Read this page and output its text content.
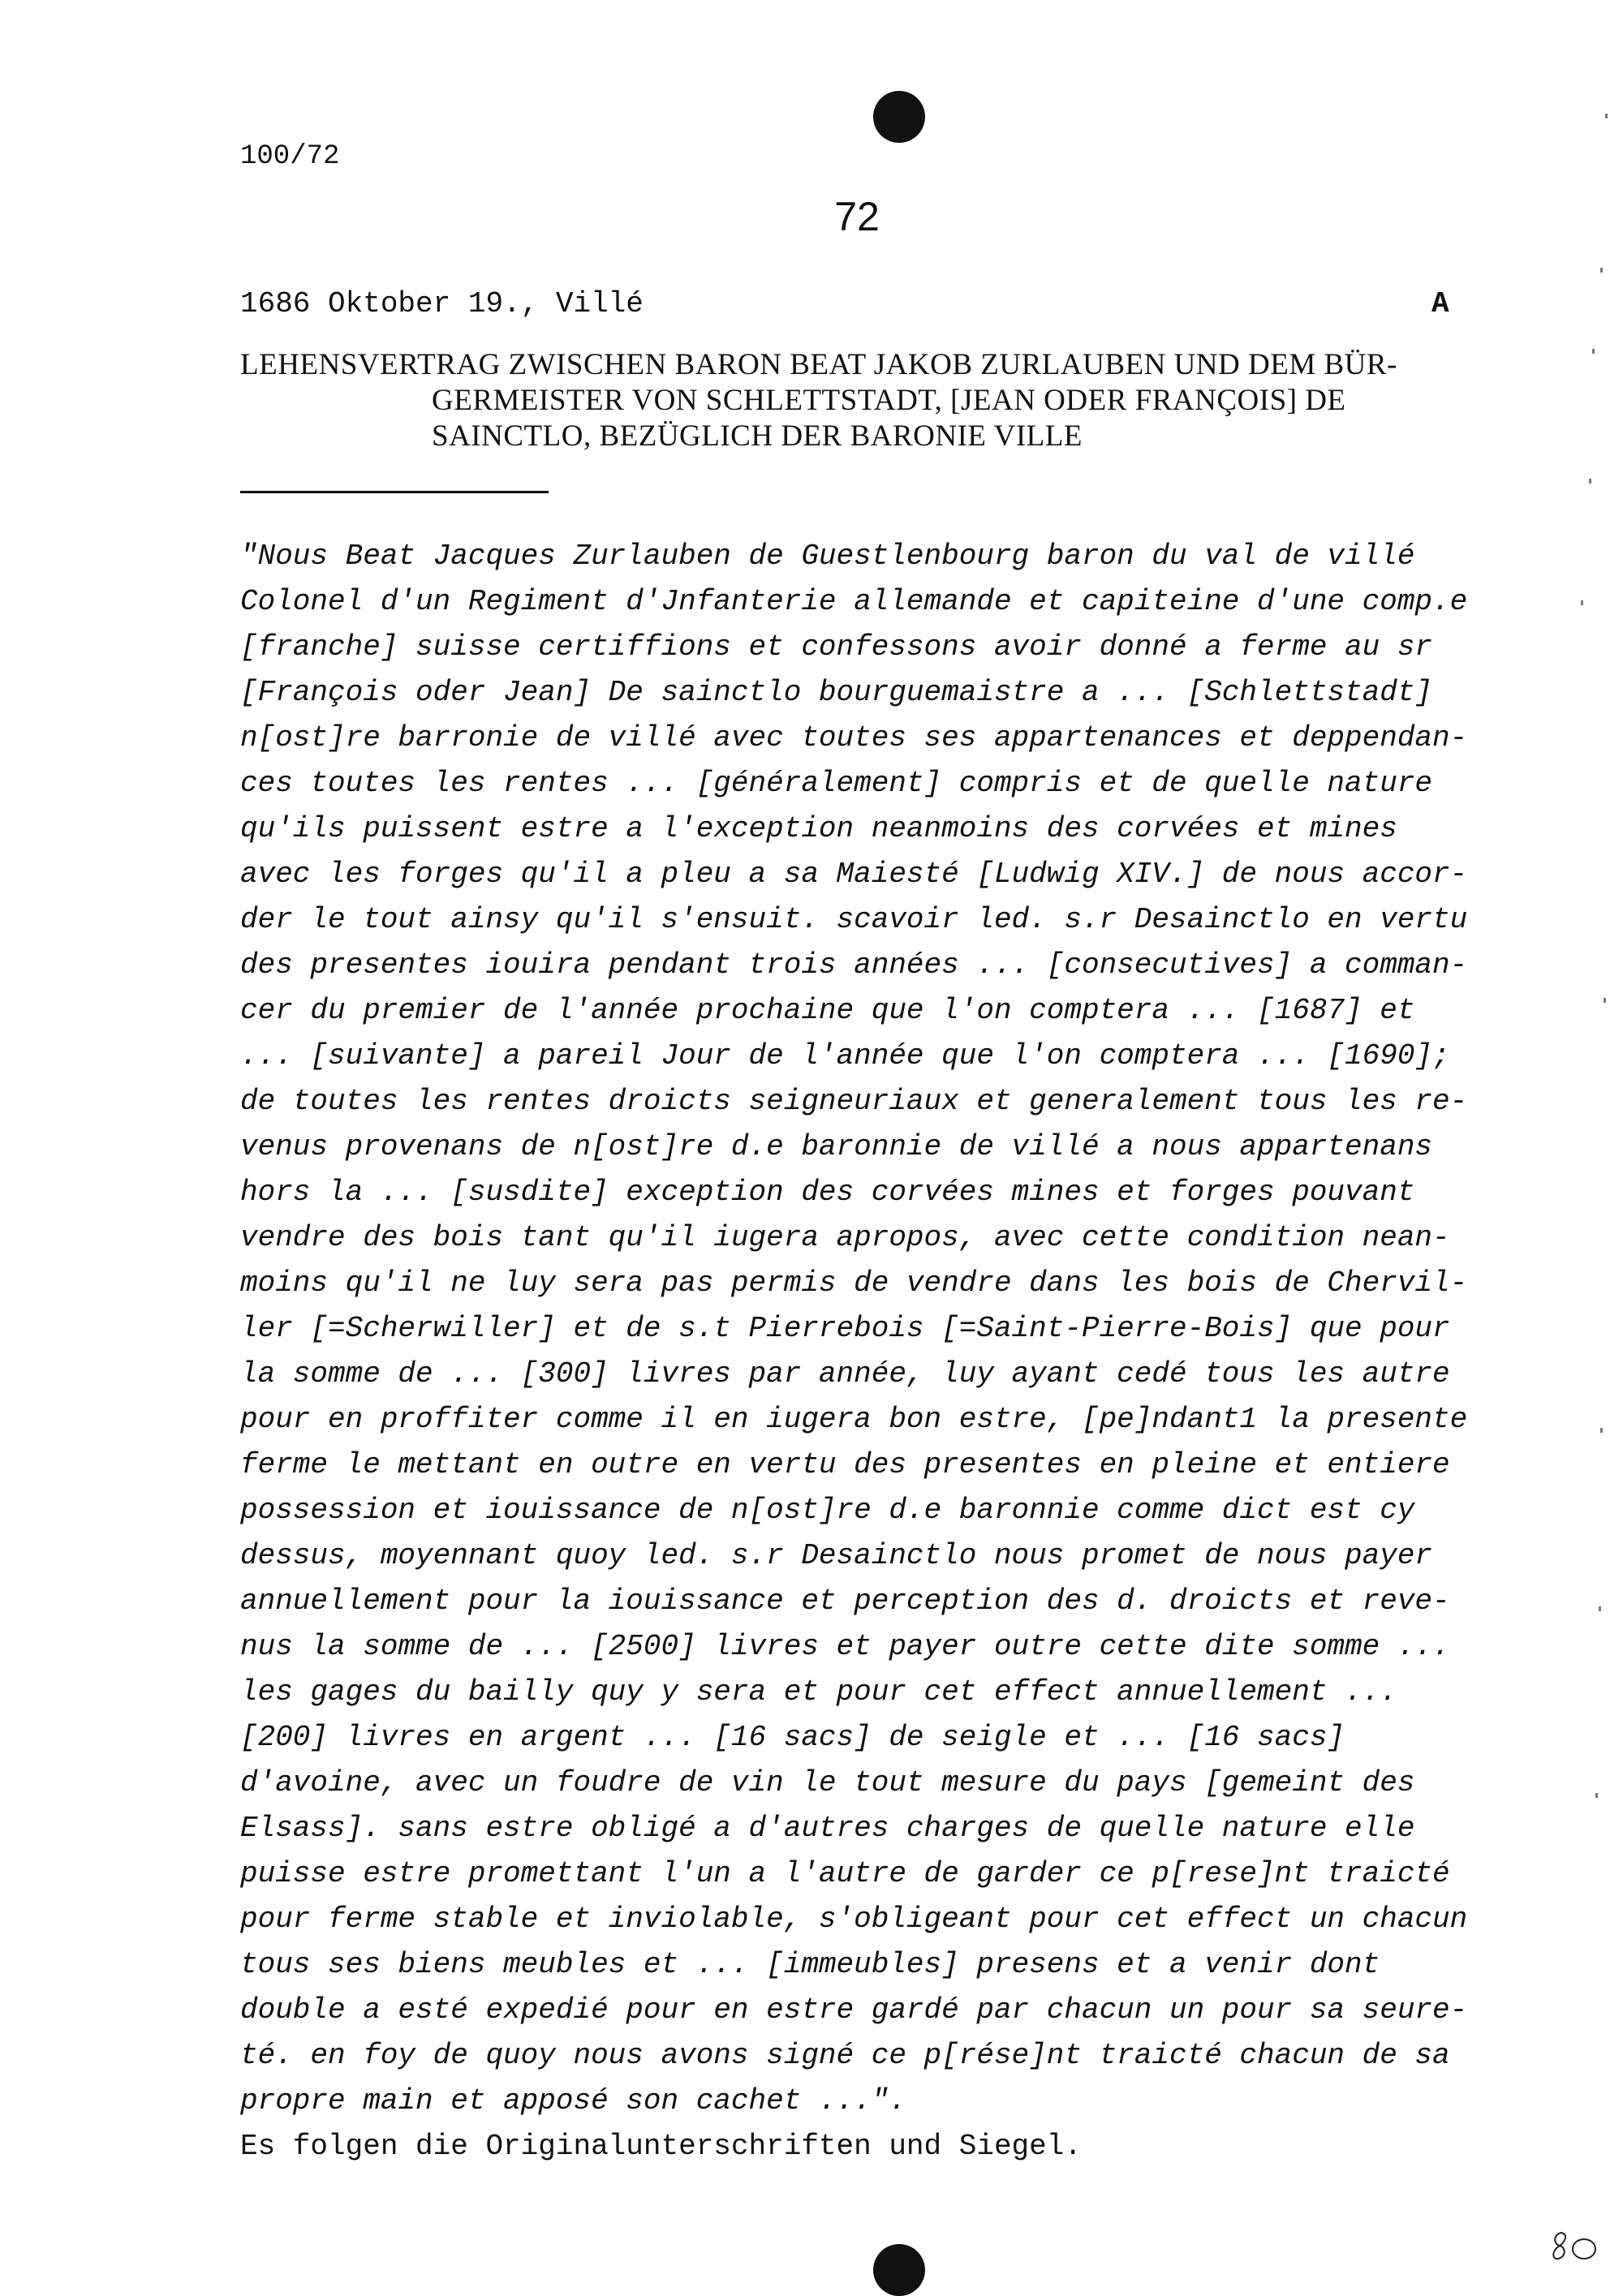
100/72

72

1686 Oktober 19., Villé	A

LEHENSVERTRAG ZWISCHEN BARON BEAT JAKOB ZURLAUBEN UND DEM BÜR-
GERMEISTER VON SCHLETTSTADT, [JEAN ODER FRANÇOIS] DE
SAINCTLO, BEZÜGLICH DER BARONIE VILLE
"Nous Beat Jacques Zurlauben de Guestlenbourg baron du val de villé
Colonel d'un Regiment d'Jnfanterie allemande et capiteine d'une comp.e
[franche] suisse certiffions et confessons avoir donné a ferme au sr
[François oder Jean] De sainctlo bourguemaistre a ... [Schlettstadt]
n[ost]re barronie de villé avec toutes ses appartenances et deppendan-
ces toutes les rentes ... [généralement] compris et de quelle nature
qu'ils puissent estre a l'exception neanmoins des corvées et mines
avec les forges qu'il a pleu a sa Maiesté [Ludwig XIV.] de nous accor-
der le tout ainsy qu'il s'ensuit. scavoir led. s.r Desainctlo en vertu
des presentes iouira pendant trois années ... [consecutives] a comman-
cer du premier de l'année prochaine que l'on comptera ... [1687] et
... [suivante] a pareil Jour de l'année que l'on comptera ... [1690];
de toutes les rentes droicts seigneuriaux et generalement tous les re-
venus provenans de n[ost]re d.e baronnie de villé a nous appartenans
hors la ... [susdite] exception des corvées mines et forges pouvant
vendre des bois tant qu'il iugera apropos, avec cette condition nean-
moins qu'il ne luy sera pas permis de vendre dans les bois de Chervil-
ler [=Scherwiller] et de s.t Pierrebois [=Saint-Pierre-Bois] que pour
la somme de ... [300] livres par année, luy ayant cedé tous les autre
pour en proffiter comme il en iugera bon estre, [pe]ndant1 la presente
ferme le mettant en outre en vertu des presentes en pleine et entiere
possession et iouissance de n[ost]re d.e baronnie comme dict est cy
dessus, moyennant quoy led. s.r Desainctlo nous promet de nous payer
annuellement pour la iouissance et perception des d. droicts et reve-
nus la somme de ... [2500] livres et payer outre cette dite somme ...
les gages du bailly quy y sera et pour cet effect annuellement ...
[200] livres en argent ... [16 sacs] de seigle et ... [16 sacs]
d'avoine, avec un foudre de vin le tout mesure du pays [gemeint des
Elsass]. sans estre obligé a d'autres charges de quelle nature elle
puisse estre promettant l'un a l'autre de garder ce p[rese]nt traicté
pour ferme stable et inviolable, s'obligeant pour cet effect un chacun
tous ses biens meubles et ... [immeubles] presens et a venir dont
double a esté expedié pour en estre gardé par chacun un pour sa seure-
té. en foy de quoy nous avons signé ce p[rése]nt traicté chacun de sa
propre main et apposé son cachet ...".
Es folgen die Originalunterschriften und Siegel.
